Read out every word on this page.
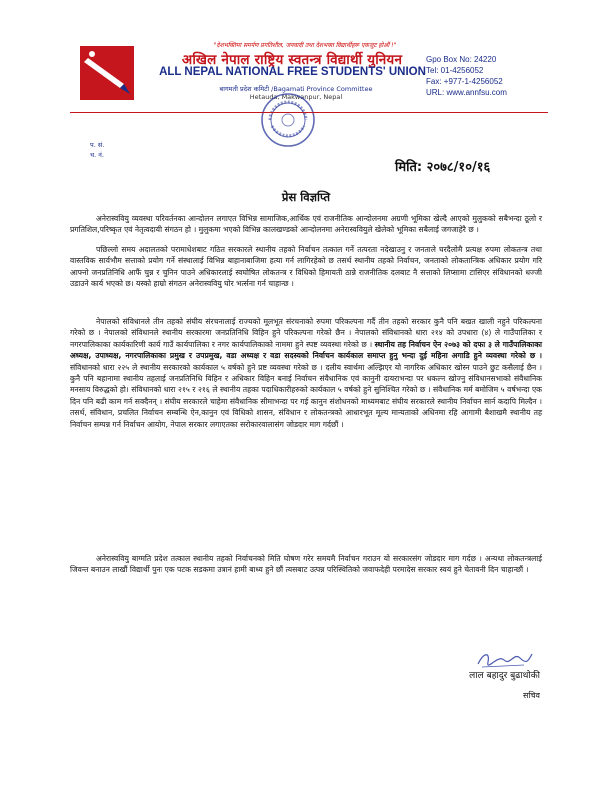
"देशभक्तिमा समर्पण प्रगतिशील, जनवादी तथा देशभक्त विद्यार्थीहरू एकजुट होऔं !"
अखिल नेपाल राष्ट्रिय स्वतन्त्र विद्यार्थी युनियन
ALL NEPAL NATIONAL FREE STUDENTS' UNION
बागमती प्रदेश कमिटी /Bagamati Province Committee
Hetauda, Makwanpur, Nepal
Gpo Box No: 24220
Tel: 01-4256052
Fax: +977-1-4256052
URL: www.annfsu.com
प. सं.
च. नं.
मिति: २०७८/१०/१६
प्रेस विज्ञप्ति
अनेरास्ववियु व्यवस्था परिवर्तनका आन्दोलन लगाएत विभिन्न सामाजिक,आर्थिक एवं राजनीतिक आन्दोलनमा अग्रणी भूमिका खेल्दै आएको मुलुकको सबैभन्दा ठूलो र प्रगतिशिल,परिष्कृत एवं नेतृत्वदायी संगठन हो । मुलुकमा भएको विभिन्न कालखण्डको आन्दोलनमा अनेरास्ववियुले खेलेको भूमिका सबैलाई जगजाहेरै छ ।
पछिल्लो समय अदालतको परामाधेशबाट गठित सरकारले स्थानीय तहको निर्वाचन तत्काल गर्ने तत्परता नदेखाउनु र जनताले घरदैलोमै प्रत्यक्ष रुपमा लोकतन्त्र तथा वास्तविक सार्वभौम सत्ताको प्रयोग गर्ने संस्थालाई विभिन्न बाहानाबाजिमा हत्या गर्न लागिरहेको छ तसर्थ स्थानीय तहको निर्वाचन, जनताको लोकतान्त्रिक अधिकार प्रयोग गरि आफ्नो जनप्रतिनिधि आफैं चुन्न र चुनिन पाउने अधिकारलाई स्वघोषित लोकतन्त्र र विधिको हिमायती ठान्ने राजनीतिक दलबाट नै सत्ताको लिप्सामा टासिएर संविधानको धज्जी उडाउने कार्य भएको छ। यस्को हाम्रो संगठन अनेरास्ववियु घोर भर्त्सना गर्न चाहान्छ ।
नेपालको संविधानले तीन तहको संघीय संरचनालाई राज्यको मूलभूत संरचनाको रुपमा परिकल्पना गर्दै तीन तहको सरकार कुनै पनि बखत खाली नहुने परिकल्पना गरेको छ । नेपालको संविधानले स्थानीय सरकारमा जनप्रतिनिधि विहिन हुने परिकल्पना गरेको छैन । नेपालको संविधानको धारा २१४ को उपधारा (४) ले गाउँपालिका र नगरपालिकाका कार्यकारिणी कार्य गाउँ कार्यपालिका र नगर कार्यपालिकाको नाममा हुने स्पष्ट व्यवस्था गरेको छ । स्थानीय तह निर्वाचन ऐन २०७३ को दफा ३ ले गाउँपालिकाका अध्यक्ष, उपाध्यक्ष, नगरपालिकाका प्रमुख र उपप्रमुख, वडा अध्यक्ष र वडा सदस्यको निर्वाचन कार्यकाल समाप्त हुनु भन्दा दुई महिना अगाडि हुने व्यवस्था गरेको छ । संविधानको धारा २२५ ले स्थानीय सरकारको कार्यकाल ५ वर्षको हुने प्रष्ट व्यवस्था गरेको छ । दलीय स्वार्थमा अल्झिएर यो नागरिक अधिकार खोस्न पाउने छुट कसैलाई छैन । कुनै पनि बहानामा स्थानीय तहलाई जनप्रतिनिधि विहिन र अधिकार विहिन बनाई निर्वाचन संवैधानिक एवं कानुनी दायराभन्दा पर धकल्न खोज्नु संविधानसभाको संवैधानिक मनसाय विरुद्धको हो। संविधानको धारा २१५ र २१६ ले स्थानीय तहका पदाधिकारीहरुको कार्यकाल ५ वर्षको हुने सुनिश्चित गरेको छ । संवैधानिक मर्म बमोजिम ५ वर्षभन्दा एक दिन पनि बढी काम गर्न सक्दैनन् । संघीय सरकारले चाहेमा संवैधानिक सीमाभन्दा पर गई कानुन संशोधनको माध्यमबाट संघीय सरकारले स्थानीय निर्वाचन सार्न कदापि मिल्दैन । तसर्थ, संविधान, प्रचलित निर्वाचन सम्बन्धि ऐन,कानुन एवं विधिको शासन, संविधान र लोकतन्त्रको आधारभूत मूल्य मान्यताको अधिनमा रहि आगामी बैशाखमै स्थानीय तह निर्वाचन सम्पन्न गर्न निर्वाचन आयोग, नेपाल सरकार लगाएतका सरोकारवालासंग जोडदार माग गर्दछौं ।
अनेरास्ववियु बाग्मति प्रदेश तत्काल स्थानीय तहको निर्वाचनको मिति घोषण गरेर समयमै निर्वाचन गराउन यो सरकारसंग जोडदार माग गर्दछ । अन्यथा लोकतन्त्रलाई जिवन्त बनाउन लाखौं विद्यार्थी पुनः एक पटक सडकमा उत्रानं हामी बाध्य हुने छौं त्यसबाट उत्पन्न परिस्थितिको जवाफदेही परमादेस सरकार स्वयं हुने चेतावनी दिन चाहान्छौं ।
लाल बहादुर बुढाथोकी
सचिव
